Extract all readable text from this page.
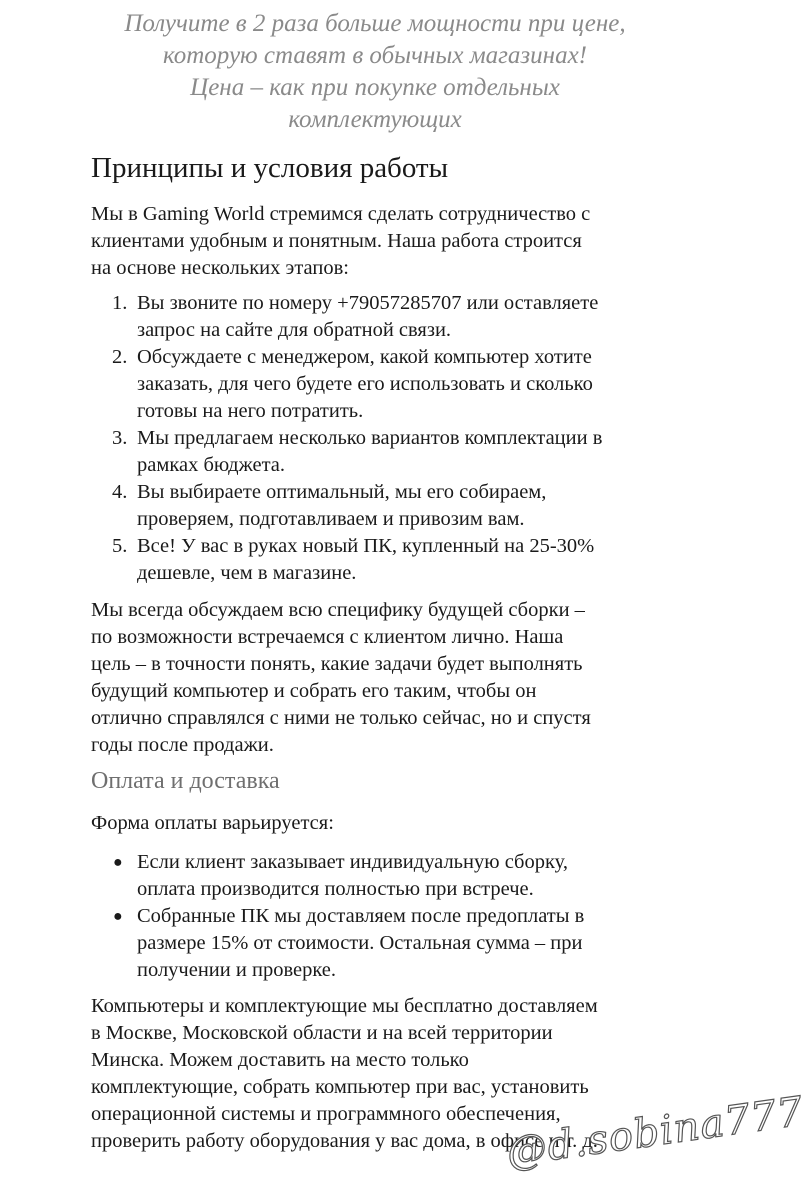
Получите в 2 раза больше мощности при цене,
которую ставят в обычных магазинах!
Цена – как при покупке отдельных
комплектующих
Принципы и условия работы
Мы в Gaming World стремимся сделать сотрудничество с
клиентами удобным и понятным. Наша работа строится
на основе нескольких этапов:
1. Вы звоните по номеру +79057285707 или оставляете
запрос на сайте для обратной связи.
2. Обсуждаете с менеджером, какой компьютер хотите
заказать, для чего будете его использовать и сколько
готовы на него потратить.
3. Мы предлагаем несколько вариантов комплектации в
рамках бюджета.
4. Вы выбираете оптимальный, мы его собираем,
проверяем, подготавливаем и привозим вам.
5. Все! У вас в руках новый ПК, купленный на 25-30%
дешевле, чем в магазине.
Мы всегда обсуждаем всю специфику будущей сборки –
по возможности встречаемся с клиентом лично. Наша
цель – в точности понять, какие задачи будет выполнять
будущий компьютер и собрать его таким, чтобы он
отлично справлялся с ними не только сейчас, но и спустя
годы после продажи.
Оплата и доставка
Форма оплаты варьируется:
● Если клиент заказывает индивидуальную сборку,
оплата производится полностью при встрече.
● Собранные ПК мы доставляем после предоплаты в
размере 15% от стоимости. Остальная сумма – при
получении и проверке.
Компьютеры и комплектующие мы бесплатно доставляем
в Москве, Московской области и на всей территории
Минска. Можем доставить на место только
комплектующие, собрать компьютер при вас, установить
операционной системы и программного обеспечения,
проверить работу оборудования у вас дома, в офисе и т. д.
@d.sobina777
